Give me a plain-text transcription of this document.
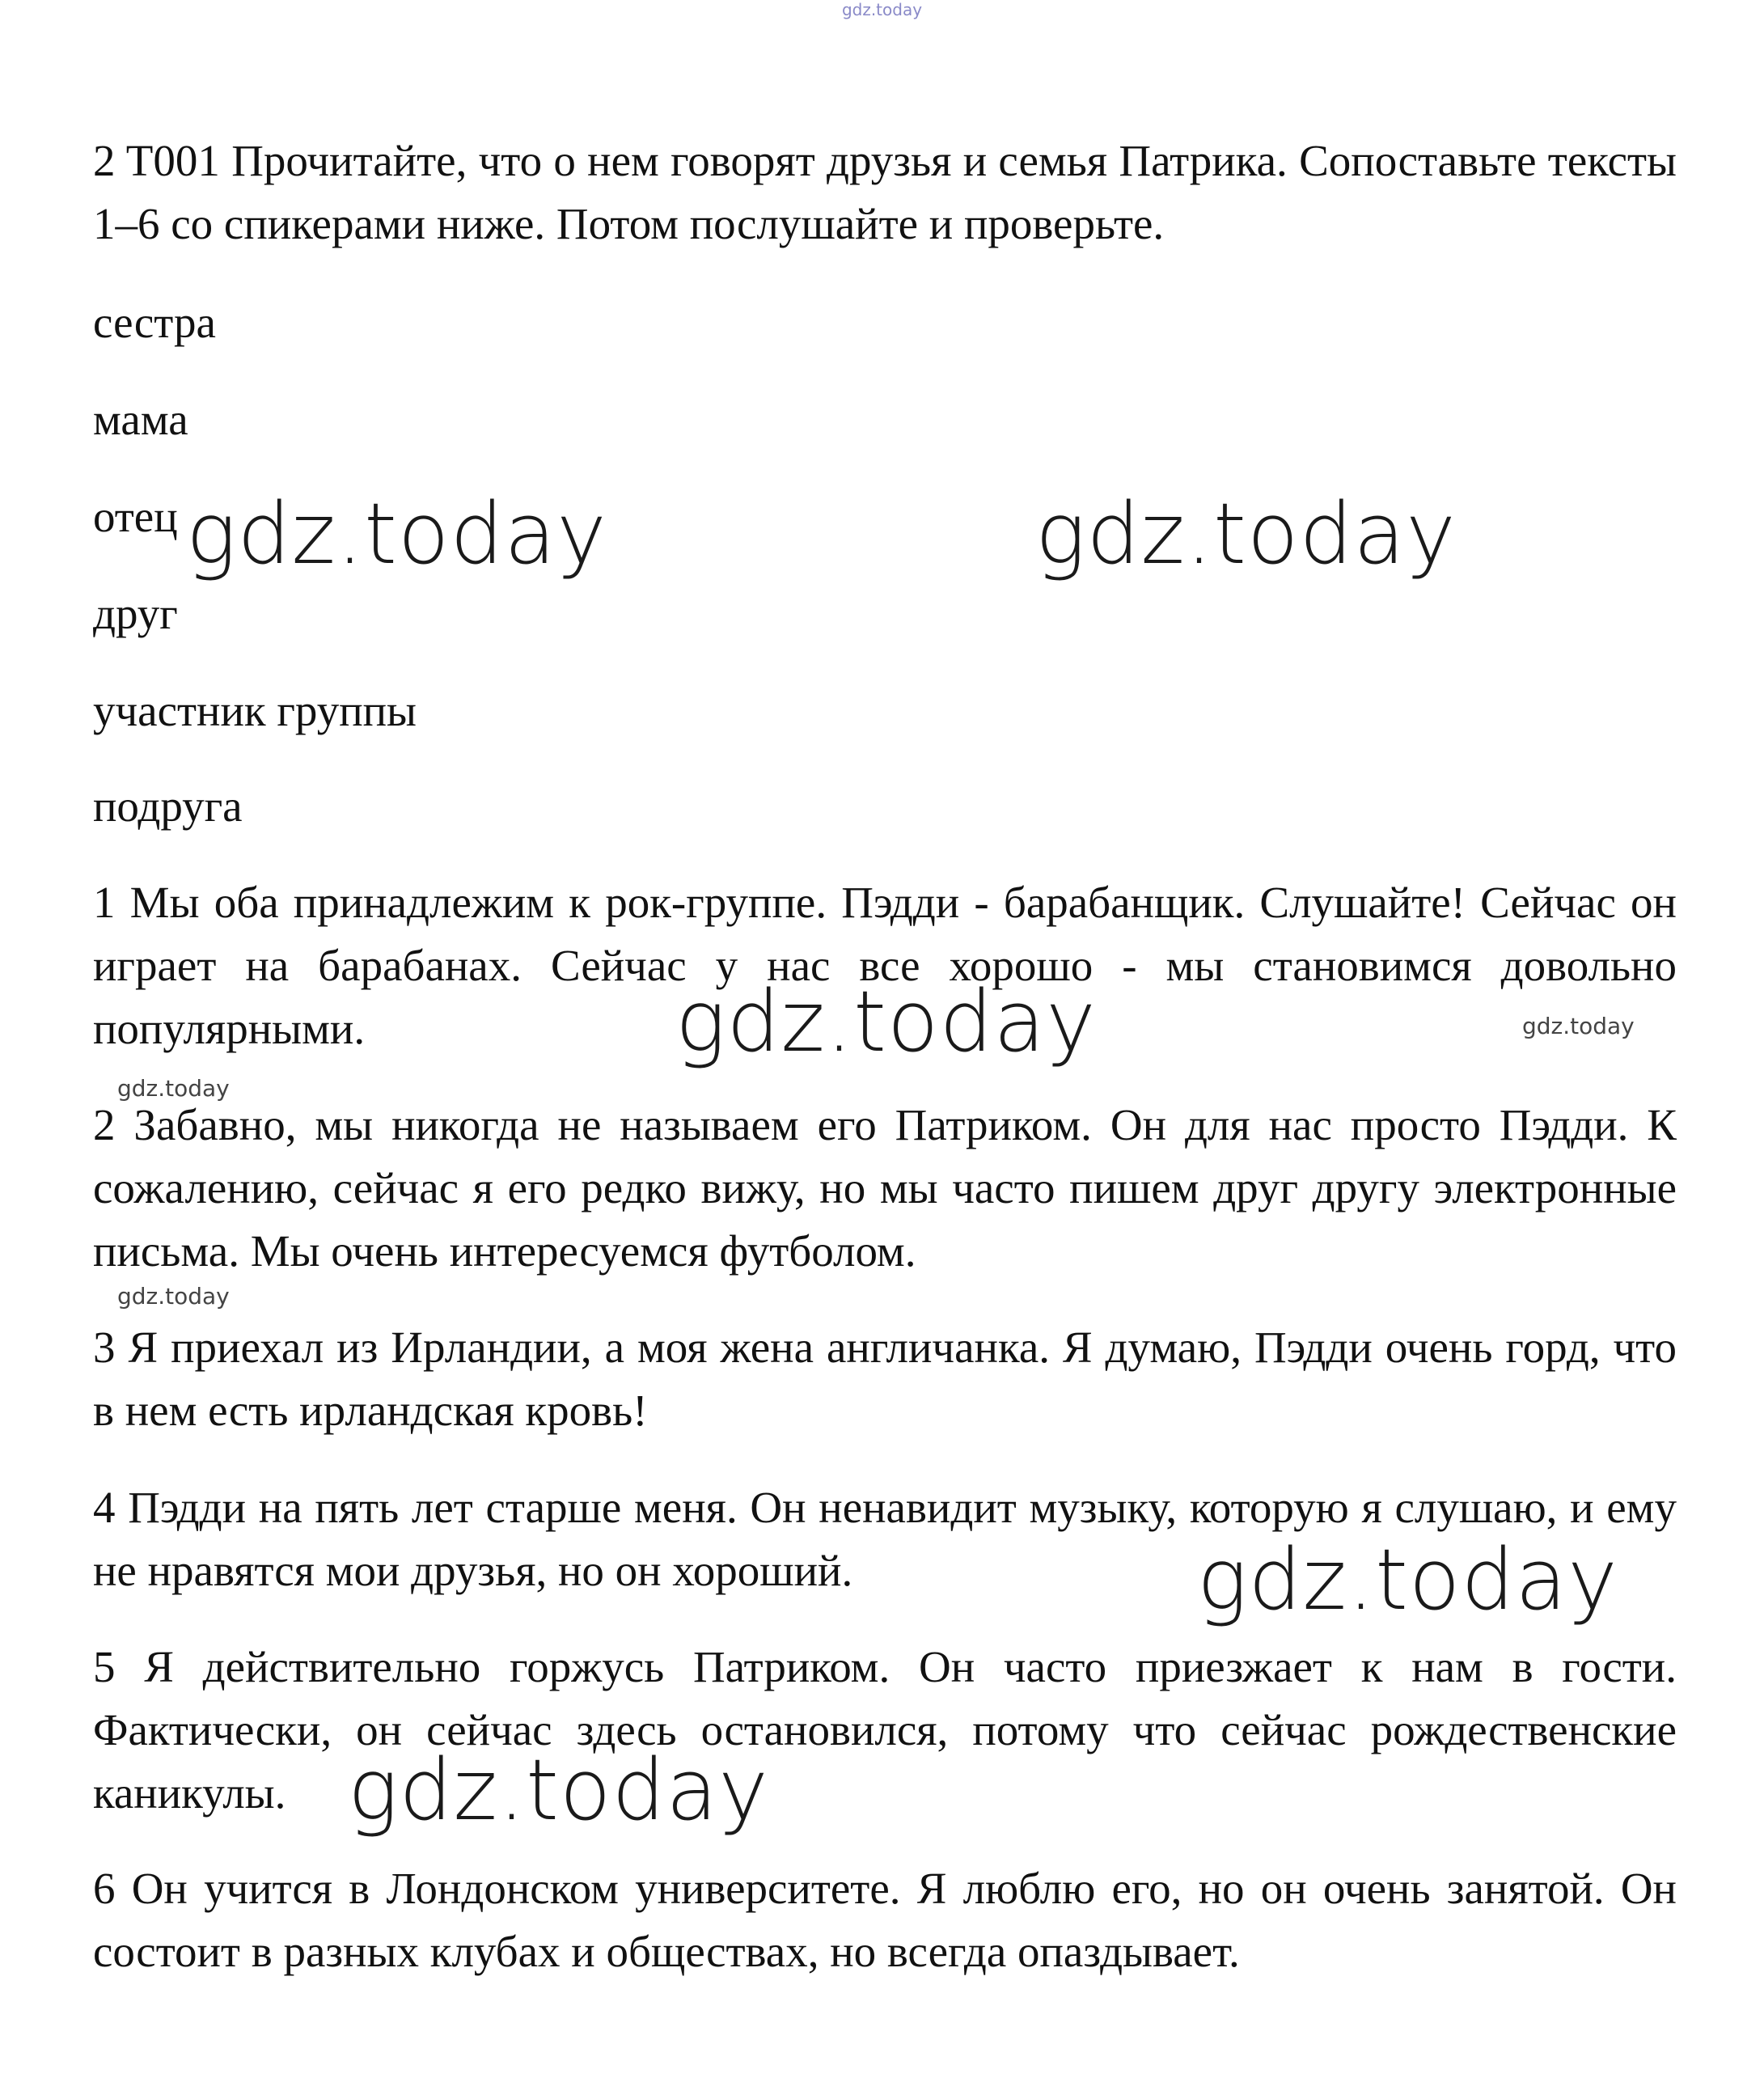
gdz.today

2 T001 Прочитайте, что о нем говорят друзья и семья Патрика. Сопоставьте тексты 1–6 со спикерами ниже. Потом послушайте и проверьте.

сестра

мама

отец

друг

участник группы

подруга

1 Мы оба принадлежим к рок-группе. Пэдди - барабанщик. Слушайте! Сейчас он играет на барабанах. Сейчас у нас все хорошо - мы становимся довольно популярными.

2 Забавно, мы никогда не называем его Патриком. Он для нас просто Пэдди. К сожалению, сейчас я его редко вижу, но мы часто пишем друг другу электронные письма. Мы очень интересуемся футболом.

3 Я приехал из Ирландии, а моя жена англичанка. Я думаю, Пэдди очень горд, что в нем есть ирландская кровь!

4 Пэдди на пять лет старше меня. Он ненавидит музыку, которую я слушаю, и ему не нравятся мои друзья, но он хороший.

5 Я действительно горжусь Патриком. Он часто приезжает к нам в гости. Фактически, он сейчас здесь остановился, потому что сейчас рождественские каникулы.

6 Он учится в Лондонском университете. Я люблю его, но он очень занятой. Он состоит в разных клубах и обществах, но всегда опаздывает.

gdz.today	gdz.today
gdz.today
gdz.today
gdz.today
gdz.today
gdz.today
gdz.today
